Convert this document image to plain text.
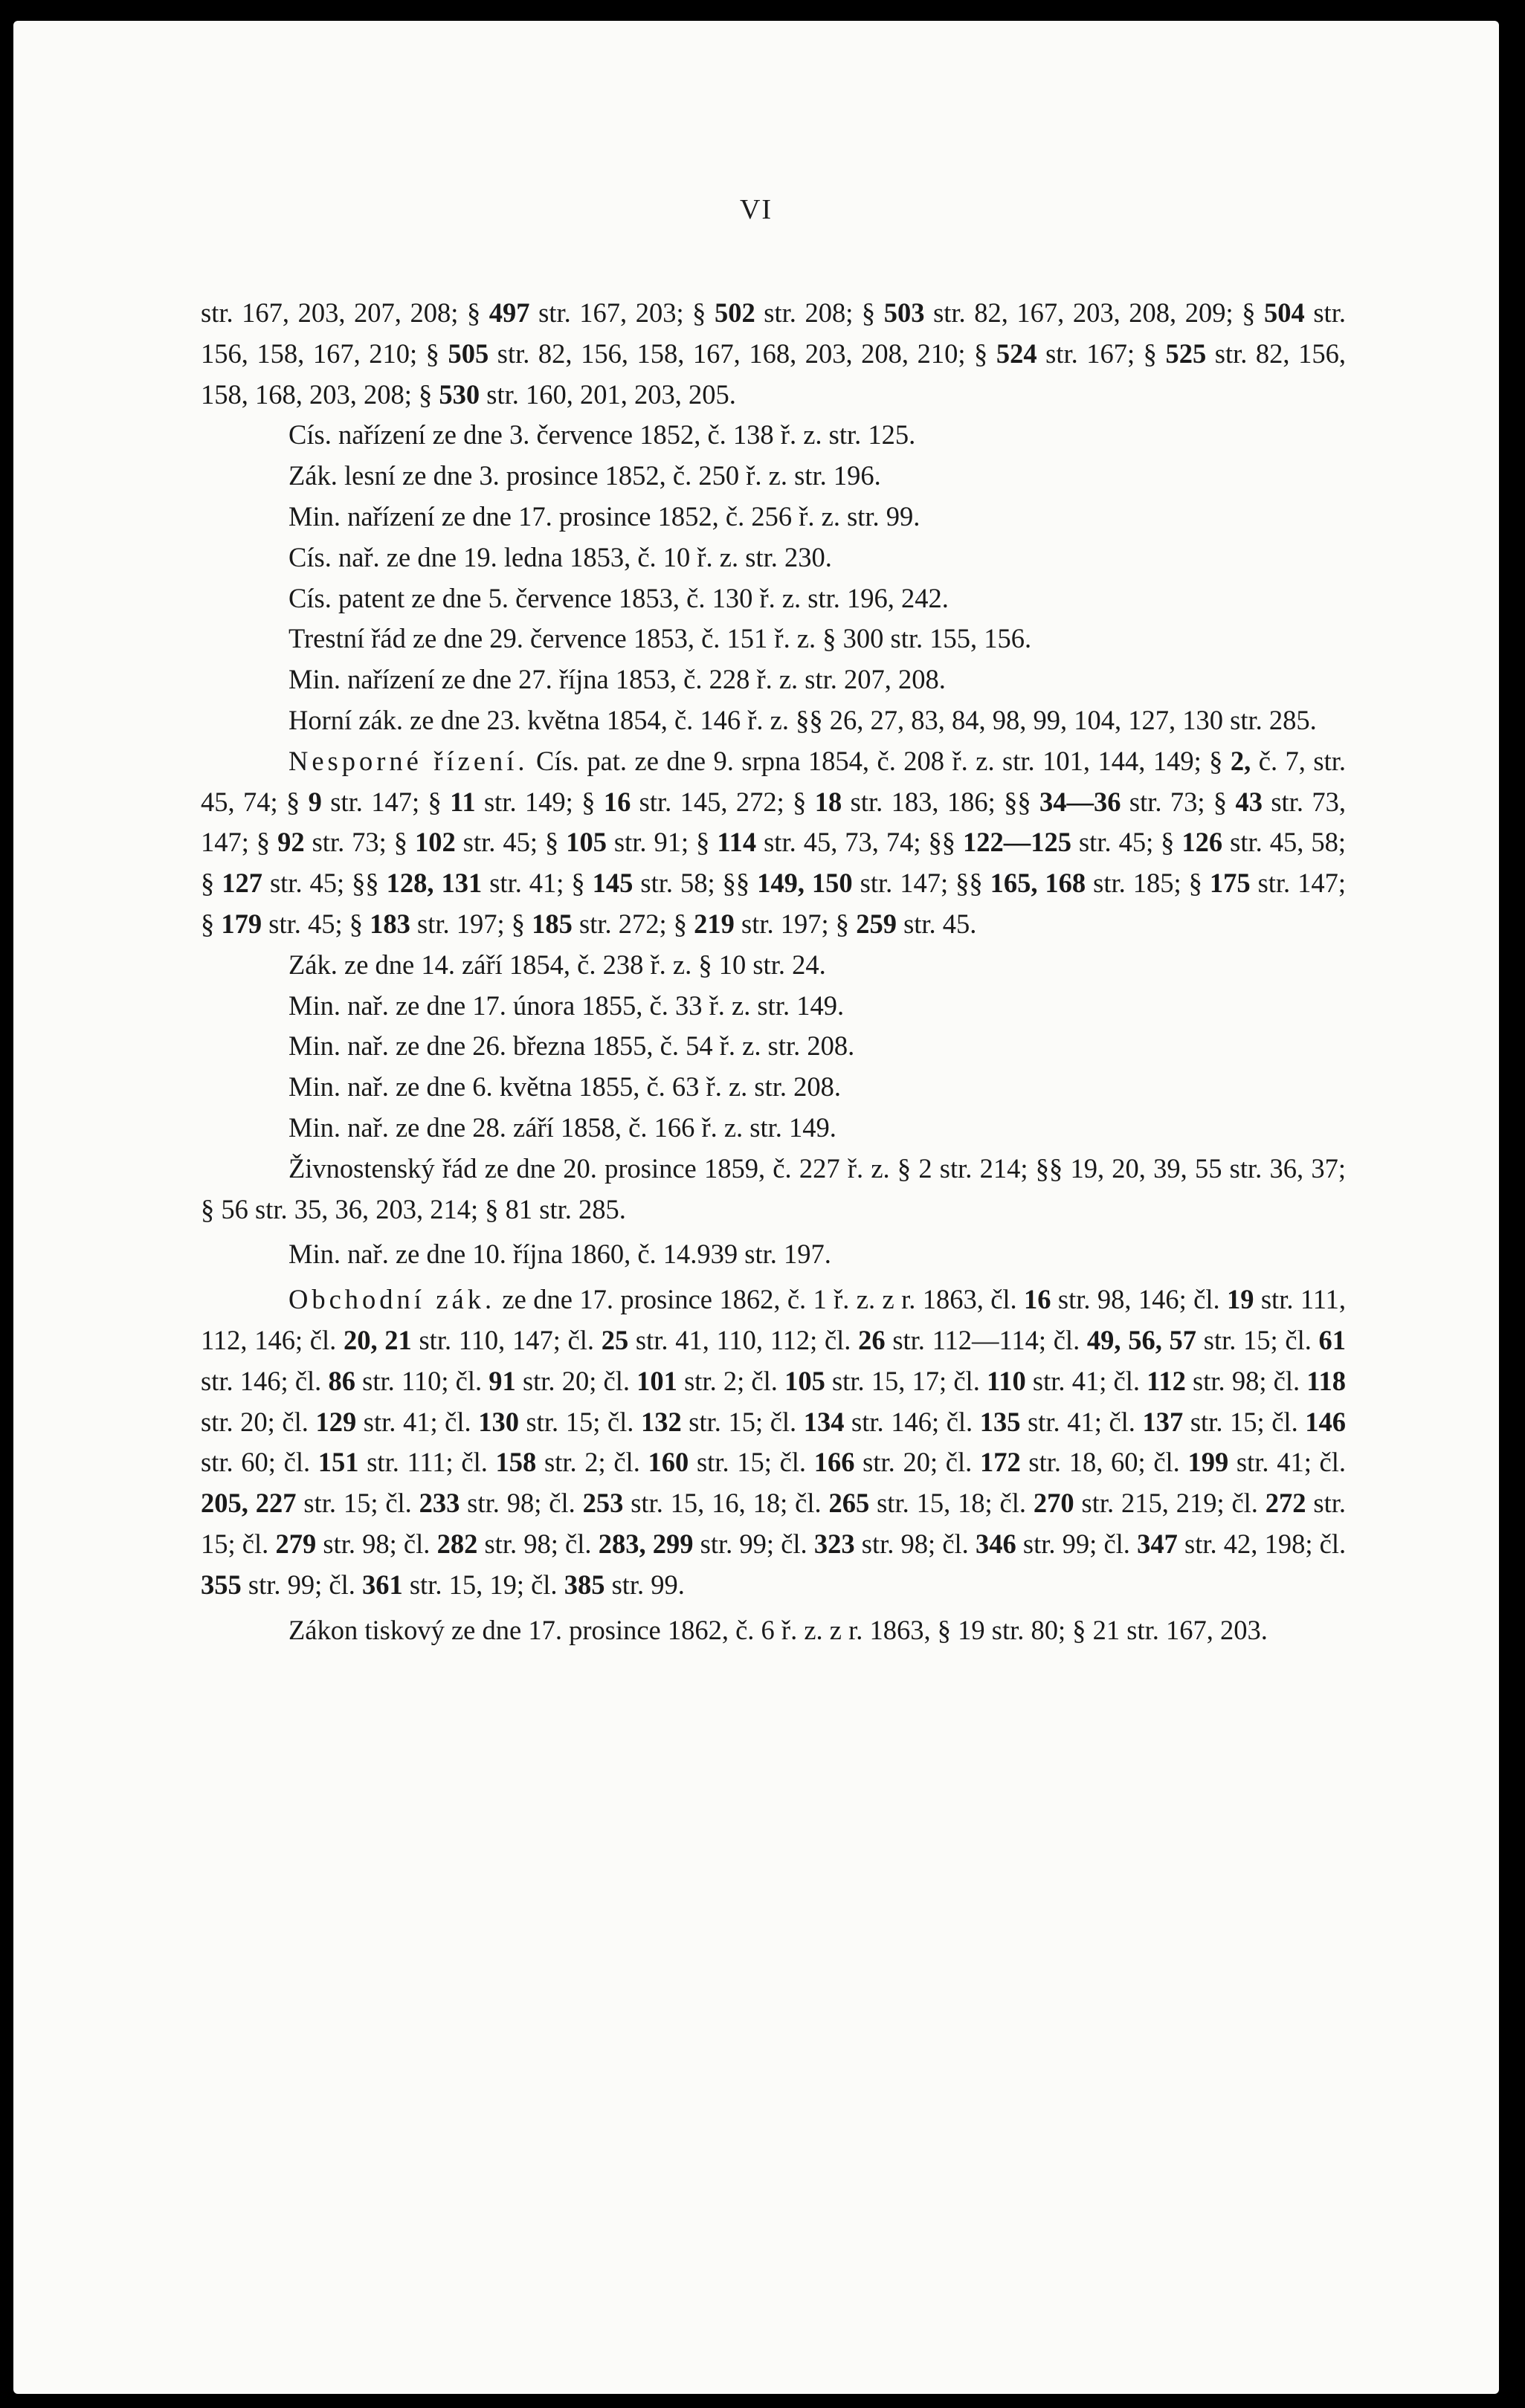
VI

str. 167, 203, 207, 208; § 497 str. 167, 203; § 502 str. 208; § 503 str. 82, 167, 203, 208, 209; § 504 str. 156, 158, 167, 210; § 505 str. 82, 156, 158, 167, 168, 203, 208, 210; § 524 str. 167; § 525 str. 82, 156, 158, 168, 203, 208; § 530 str. 160, 201, 203, 205.

Cís. nařízení ze dne 3. července 1852, č. 138 ř. z. str. 125.

Zák. lesní ze dne 3. prosince 1852, č. 250 ř. z. str. 196.

Min. nařízení ze dne 17. prosince 1852, č. 256 ř. z. str. 99.

Cís. nař. ze dne 19. ledna 1853, č. 10 ř. z. str. 230.

Cís. patent ze dne 5. července 1853, č. 130 ř. z. str. 196, 242.

Trestní řád ze dne 29. července 1853, č. 151 ř. z. § 300 str. 155, 156.

Min. nařízení ze dne 27. října 1853, č. 228 ř. z. str. 207, 208.

Horní zák. ze dne 23. května 1854, č. 146 ř. z. §§ 26, 27, 83, 84, 98, 99, 104, 127, 130 str. 285.

Nesporné řízení. Cís. pat. ze dne 9. srpna 1854, č. 208 ř. z. str. 101, 144, 149; § 2, č. 7, str. 45, 74; § 9 str. 147; § 11 str. 149; § 16 str. 145, 272; § 18 str. 183, 186; §§ 34—36 str. 73; § 43 str. 73, 147; § 92 str. 73; § 102 str. 45; § 105 str. 91; § 114 str. 45, 73, 74; §§ 122—125 str. 45; § 126 str. 45, 58; § 127 str. 45; §§ 128, 131 str. 41; § 145 str. 58; §§ 149, 150 str. 147; §§ 165, 168 str. 185; § 175 str. 147; § 179 str. 45; § 183 str. 197; § 185 str. 272; § 219 str. 197; § 259 str. 45.

Zák. ze dne 14. září 1854, č. 238 ř. z. § 10 str. 24.

Min. nař. ze dne 17. února 1855, č. 33 ř. z. str. 149.

Min. nař. ze dne 26. března 1855, č. 54 ř. z. str. 208.

Min. nař. ze dne 6. května 1855, č. 63 ř. z. str. 208.

Min. nař. ze dne 28. září 1858, č. 166 ř. z. str. 149.

Živnostenský řád ze dne 20. prosince 1859, č. 227 ř. z. § 2 str. 214; §§ 19, 20, 39, 55 str. 36, 37; § 56 str. 35, 36, 203, 214; § 81 str. 285.

Min. nař. ze dne 10. října 1860, č. 14.939 str. 197.

Obchodní zák. ze dne 17. prosince 1862, č. 1 ř. z. z r. 1863, čl. 16 str. 98, 146; čl. 19 str. 111, 112, 146; čl. 20, 21 str. 110, 147; čl. 25 str. 41, 110, 112; čl. 26 str. 112—114; čl. 49, 56, 57 str. 15; čl. 61 str. 146; čl. 86 str. 110; čl. 91 str. 20; čl. 101 str. 2; čl. 105 str. 15, 17; čl. 110 str. 41; čl. 112 str. 98; čl. 118 str. 20; čl. 129 str. 41; čl. 130 str. 15; čl. 132 str. 15; čl. 134 str. 146; čl. 135 str. 41; čl. 137 str. 15; čl. 146 str. 60; čl. 151 str. 111; čl. 158 str. 2; čl. 160 str. 15; čl. 166 str. 20; čl. 172 str. 18, 60; čl. 199 str. 41; čl. 205, 227 str. 15; čl. 233 str. 98; čl. 253 str. 15, 16, 18; čl. 265 str. 15, 18; čl. 270 str. 215, 219; čl. 272 str. 15; čl. 279 str. 98; čl. 282 str. 98; čl. 283, 299 str. 99; čl. 323 str. 98; čl. 346 str. 99; čl. 347 str. 42, 198; čl. 355 str. 99; čl. 361 str. 15, 19; čl. 385 str. 99.

Zákon tiskový ze dne 17. prosince 1862, č. 6 ř. z. z r. 1863, § 19 str. 80; § 21 str. 167, 203.
